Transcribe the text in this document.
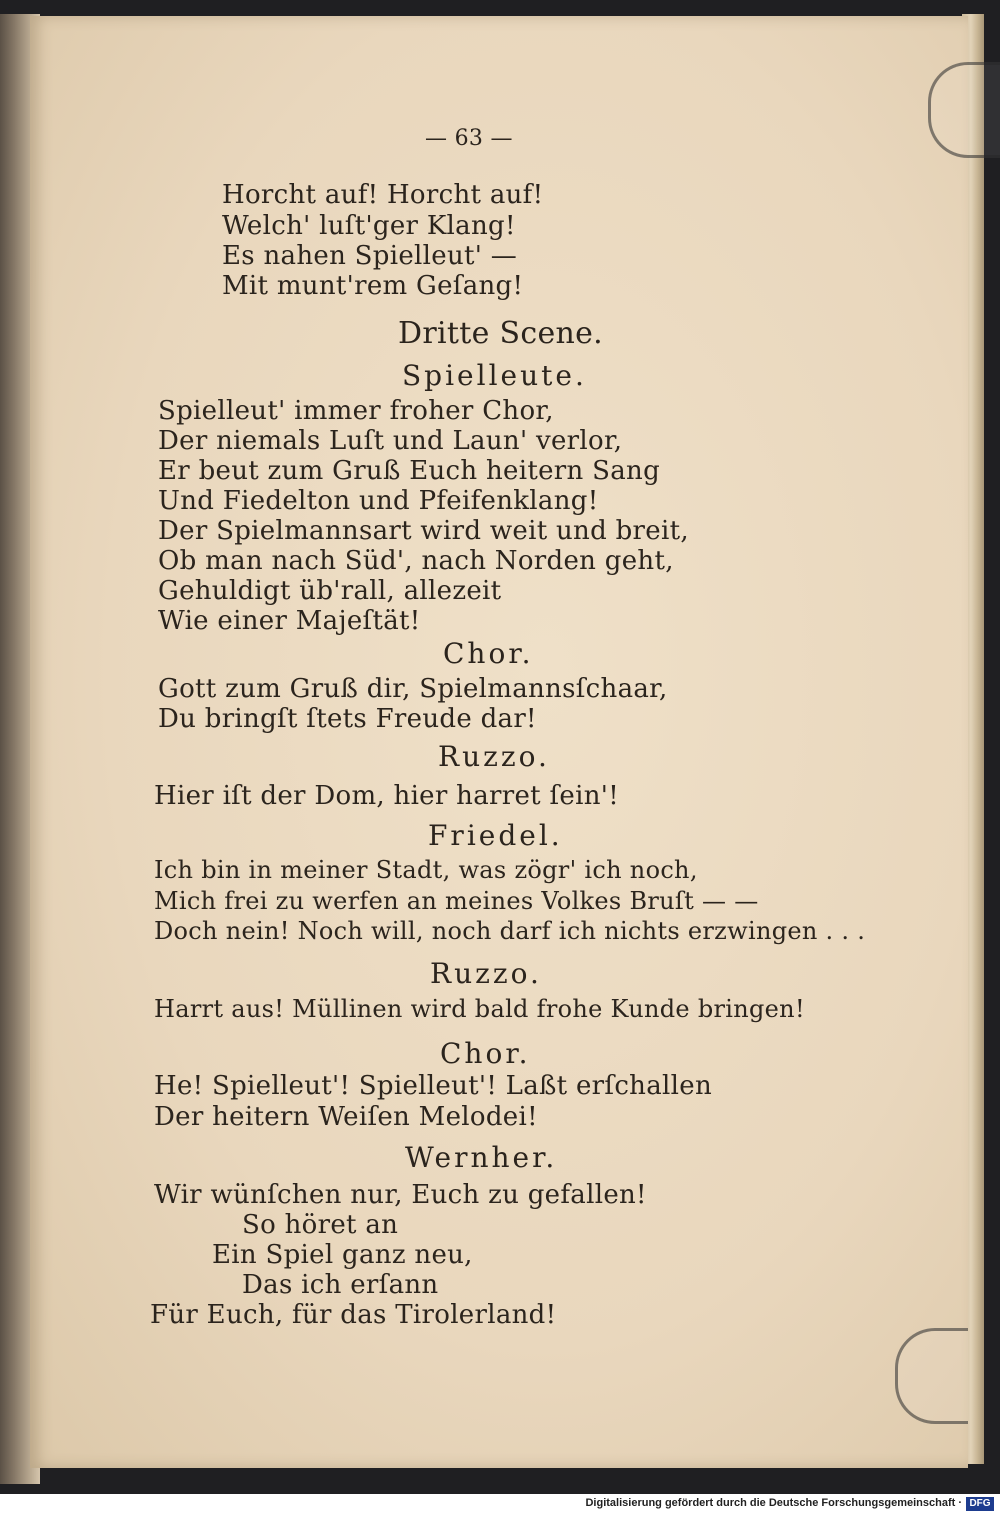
— 63 —
Horcht auf! Horcht auf!
Welch' luſt'ger Klang!
Es nahen Spielleut' —
Mit munt'rem Geſang!
Dritte Scene.
Spielleute.
Spielleut' immer froher Chor,
Der niemals Luſt und Laun' verlor,
Er beut zum Gruß Euch heitern Sang
Und Fiedelton und Pfeifenklang!
Der Spielmannsart wird weit und breit,
Ob man nach Süd', nach Norden geht,
Gehuldigt üb'rall, allezeit
Wie einer Majeſtät!
Chor.
Gott zum Gruß dir, Spielmannsſchaar,
Du bringſt ſtets Freude dar!
Ruzzo.
Hier iſt der Dom, hier harret ſein'!
Friedel.
Ich bin in meiner Stadt, was zögr' ich noch,
Mich frei zu werfen an meines Volkes Bruſt — —
Doch nein! Noch will, noch darf ich nichts erzwingen . . .
Ruzzo.
Harrt aus! Müllinen wird bald frohe Kunde bringen!
Chor.
He! Spielleut'! Spielleut'! Laßt erſchallen
Der heitern Weiſen Melodei!
Wernher.
Wir wünſchen nur, Euch zu gefallen!
So höret an
Ein Spiel ganz neu,
Das ich erſann
Für Euch, für das Tirolerland!
Digitalisierung gefördert durch die Deutsche Forschungsgemeinschaft · DFG
